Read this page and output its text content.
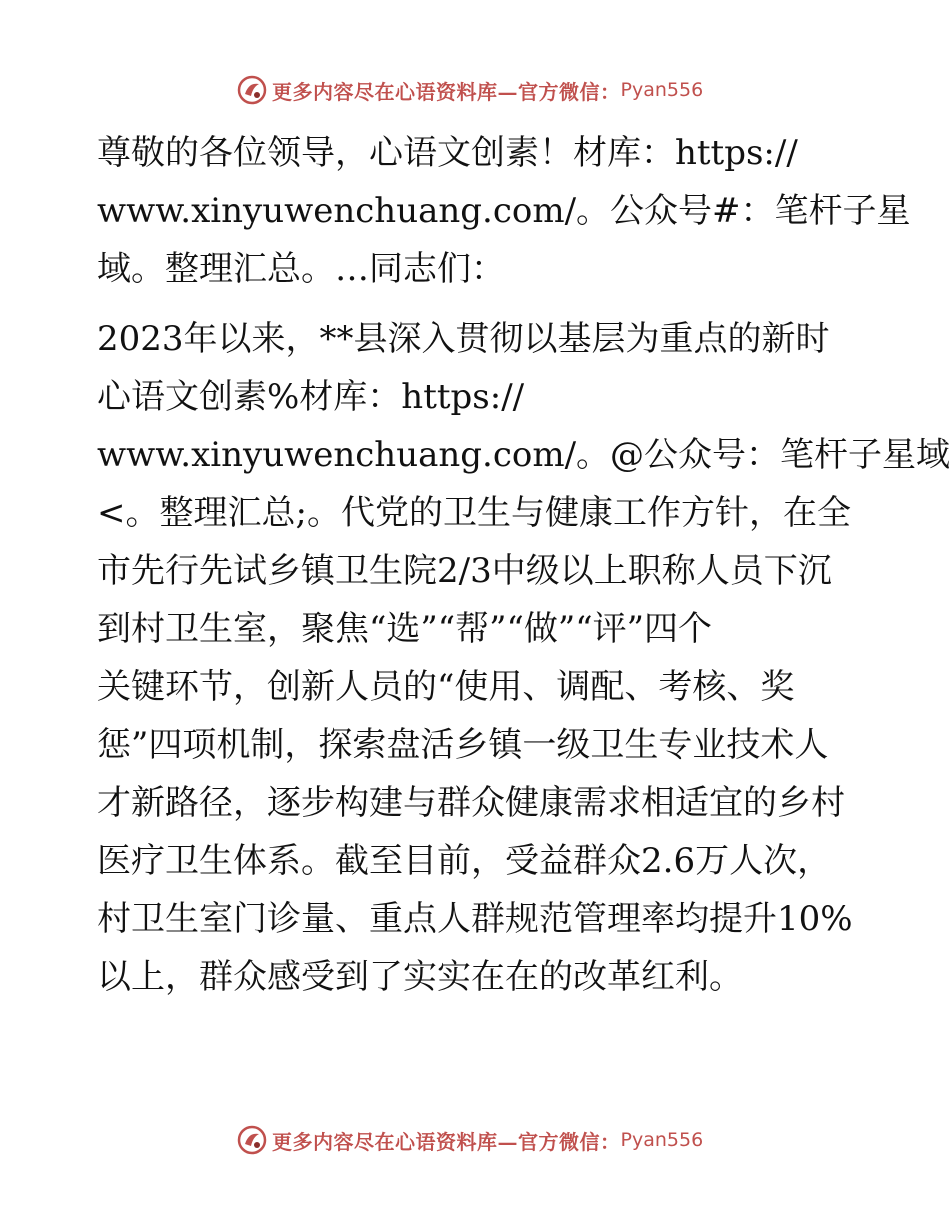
更多内容尽在心语资料库—官方微信： Pyan556

尊敬的各位领导，心语文创素！材库：https://
www.xinyuwenchuang.com/。公众号#：笔杆子星
域。整理汇总。…同志们：

2023年以来，**县深入贯彻以基层为重点的新时
心语文创素%材库：https://
www.xinyuwenchuang.com/。@公众号：笔杆子星域
<。整理汇总;。代党的卫生与健康工作方针，在全
市先行先试乡镇卫生院2/3中级以上职称人员下沉
到村卫生室，聚焦“选”“帮”“做”“评”四个
关键环节，创新人员的“使用、调配、考核、奖
惩”四项机制，探索盘活乡镇一级卫生专业技术人
才新路径，逐步构建与群众健康需求相适宜的乡村
医疗卫生体系。截至目前，受益群众2.6万人次，
村卫生室门诊量、重点人群规范管理率均提升10%
以上，群众感受到了实实在在的改革红利。

更多内容尽在心语资料库—官方微信： Pyan556
